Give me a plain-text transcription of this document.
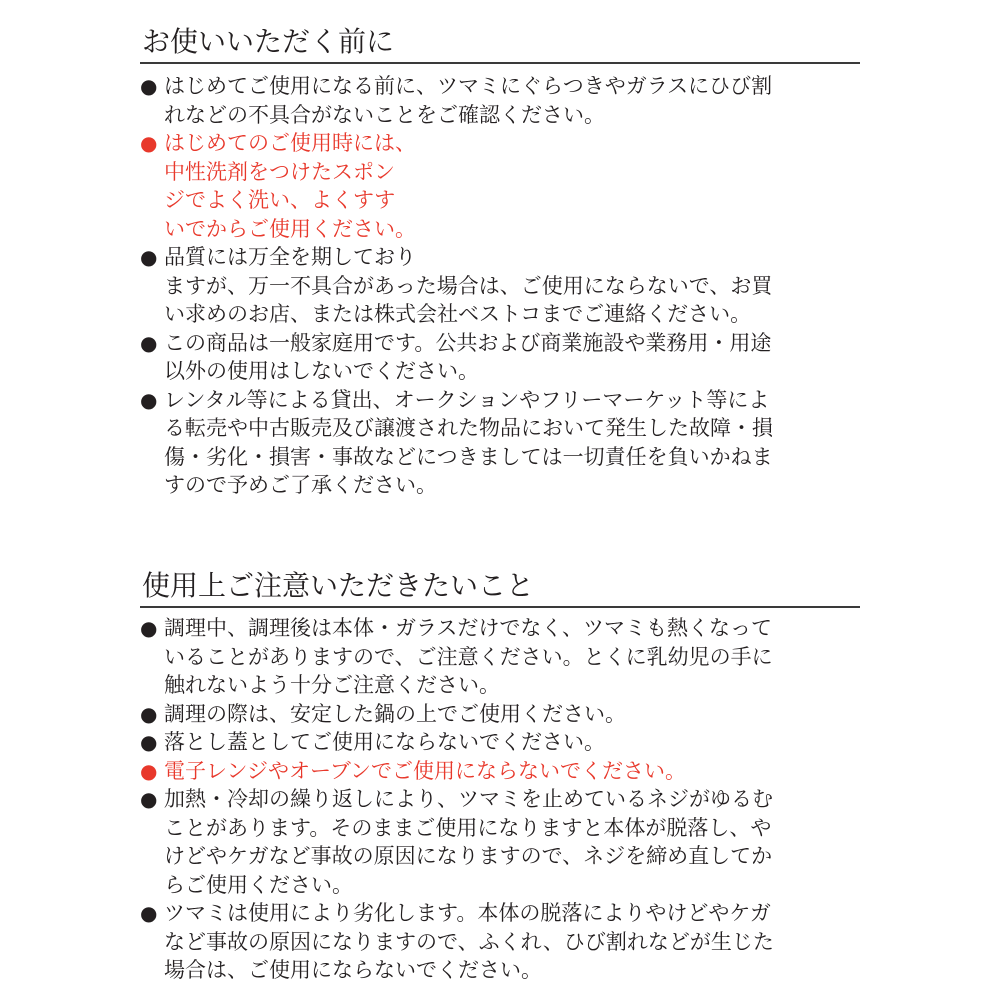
お使いいただく前に
● はじめてご使用になる前に、ツマミにぐらつきやガラスにひび割
れなどの不具合がないことをご確認ください。
● はじめてのご使用時には、
中性洗剤をつけたスポン
ジでよく洗い、よくすす
いでからご使用ください。
● 品質には万全を期しており
ますが、万一不具合があった場合は、ご使用にならないで、お買
い求めのお店、または株式会社ベストコまでご連絡ください。
● この商品は一般家庭用です。公共および商業施設や業務用・用途
以外の使用はしないでください。
● レンタル等による貸出、オークションやフリーマーケット等によ
る転売や中古販売及び譲渡された物品において発生した故障・損
傷・劣化・損害・事故などにつきましては一切責任を負いかねま
すので予めご了承ください。
使用上ご注意いただきたいこと
● 調理中、調理後は本体・ガラスだけでなく、ツマミも熱くなって
いることがありますので、ご注意ください。とくに乳幼児の手に
触れないよう十分ご注意ください。
● 調理の際は、安定した鍋の上でご使用ください。
● 落とし蓋としてご使用にならないでください。
● 電子レンジやオーブンでご使用にならないでください。
● 加熱・冷却の繰り返しにより、ツマミを止めているネジがゆるむ
ことがあります。そのままご使用になりますと本体が脱落し、や
けどやケガなど事故の原因になりますので、ネジを締め直してか
らご使用ください。
● ツマミは使用により劣化します。本体の脱落によりやけどやケガ
など事故の原因になりますので、ふくれ、ひび割れなどが生じた
場合は、ご使用にならないでください。
